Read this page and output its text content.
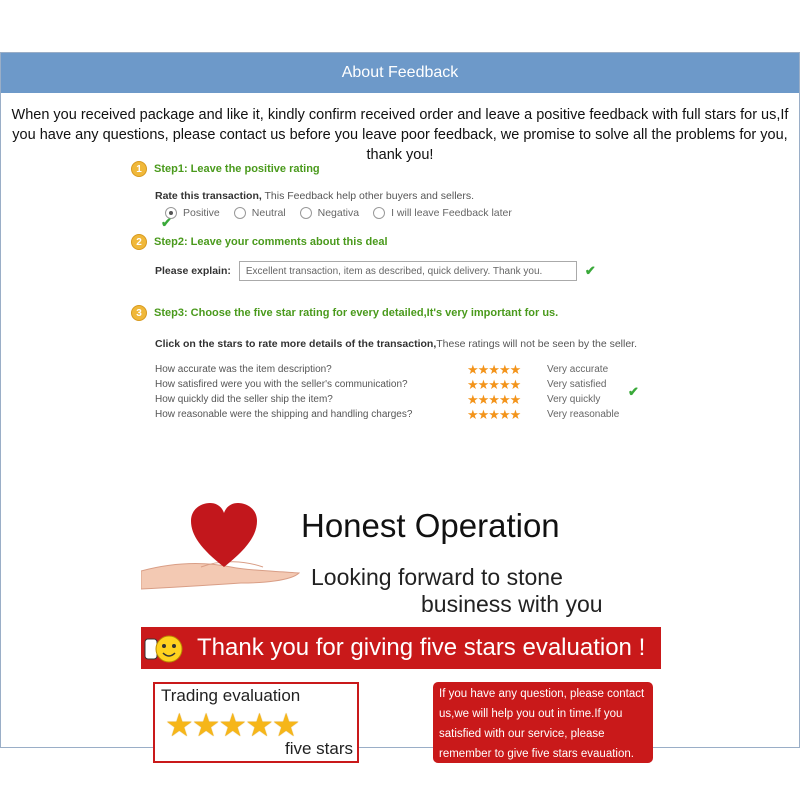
About Feedback

When you received package and like it, kindly confirm received order and leave a positive feedback with full stars for us,If you have any questions, please contact us before you leave poor feedback, we promise to solve all the problems for you, thank you!

1	Step1: Leave the positive rating
Rate this transaction, This Feedback help other buyers and sellers.
Positive
✔
Neutral	Negativa	I will leave Feedback later
2	Step2: Leave your comments about this deal
Please explain:	Excellent transaction, item as described, quick delivery. Thank you.	✔
3	Step3: Choose the five star rating for every detailed,It's very important for us.
Click on the stars to rate more details of the transaction,These ratings will not be seen by the seller.
How accurate was the item description?	★★★★★	Very accurate
How satisfired were you with the seller's communication?	★★★★★	Very satisfied
How quickly did the seller ship the item?	★★★★★	Very quickly
How reasonable were the shipping and handling charges?	★★★★★	Very reasonable
✔
Honest Operation
Looking forward to stone
business with you
Thank you for giving five stars evaluation !
Trading evaluation
★★★★★
five stars
If you have any question, please contact us,we will help you out in time.If you satisfied with our service, please remember to give five stars evauation.
